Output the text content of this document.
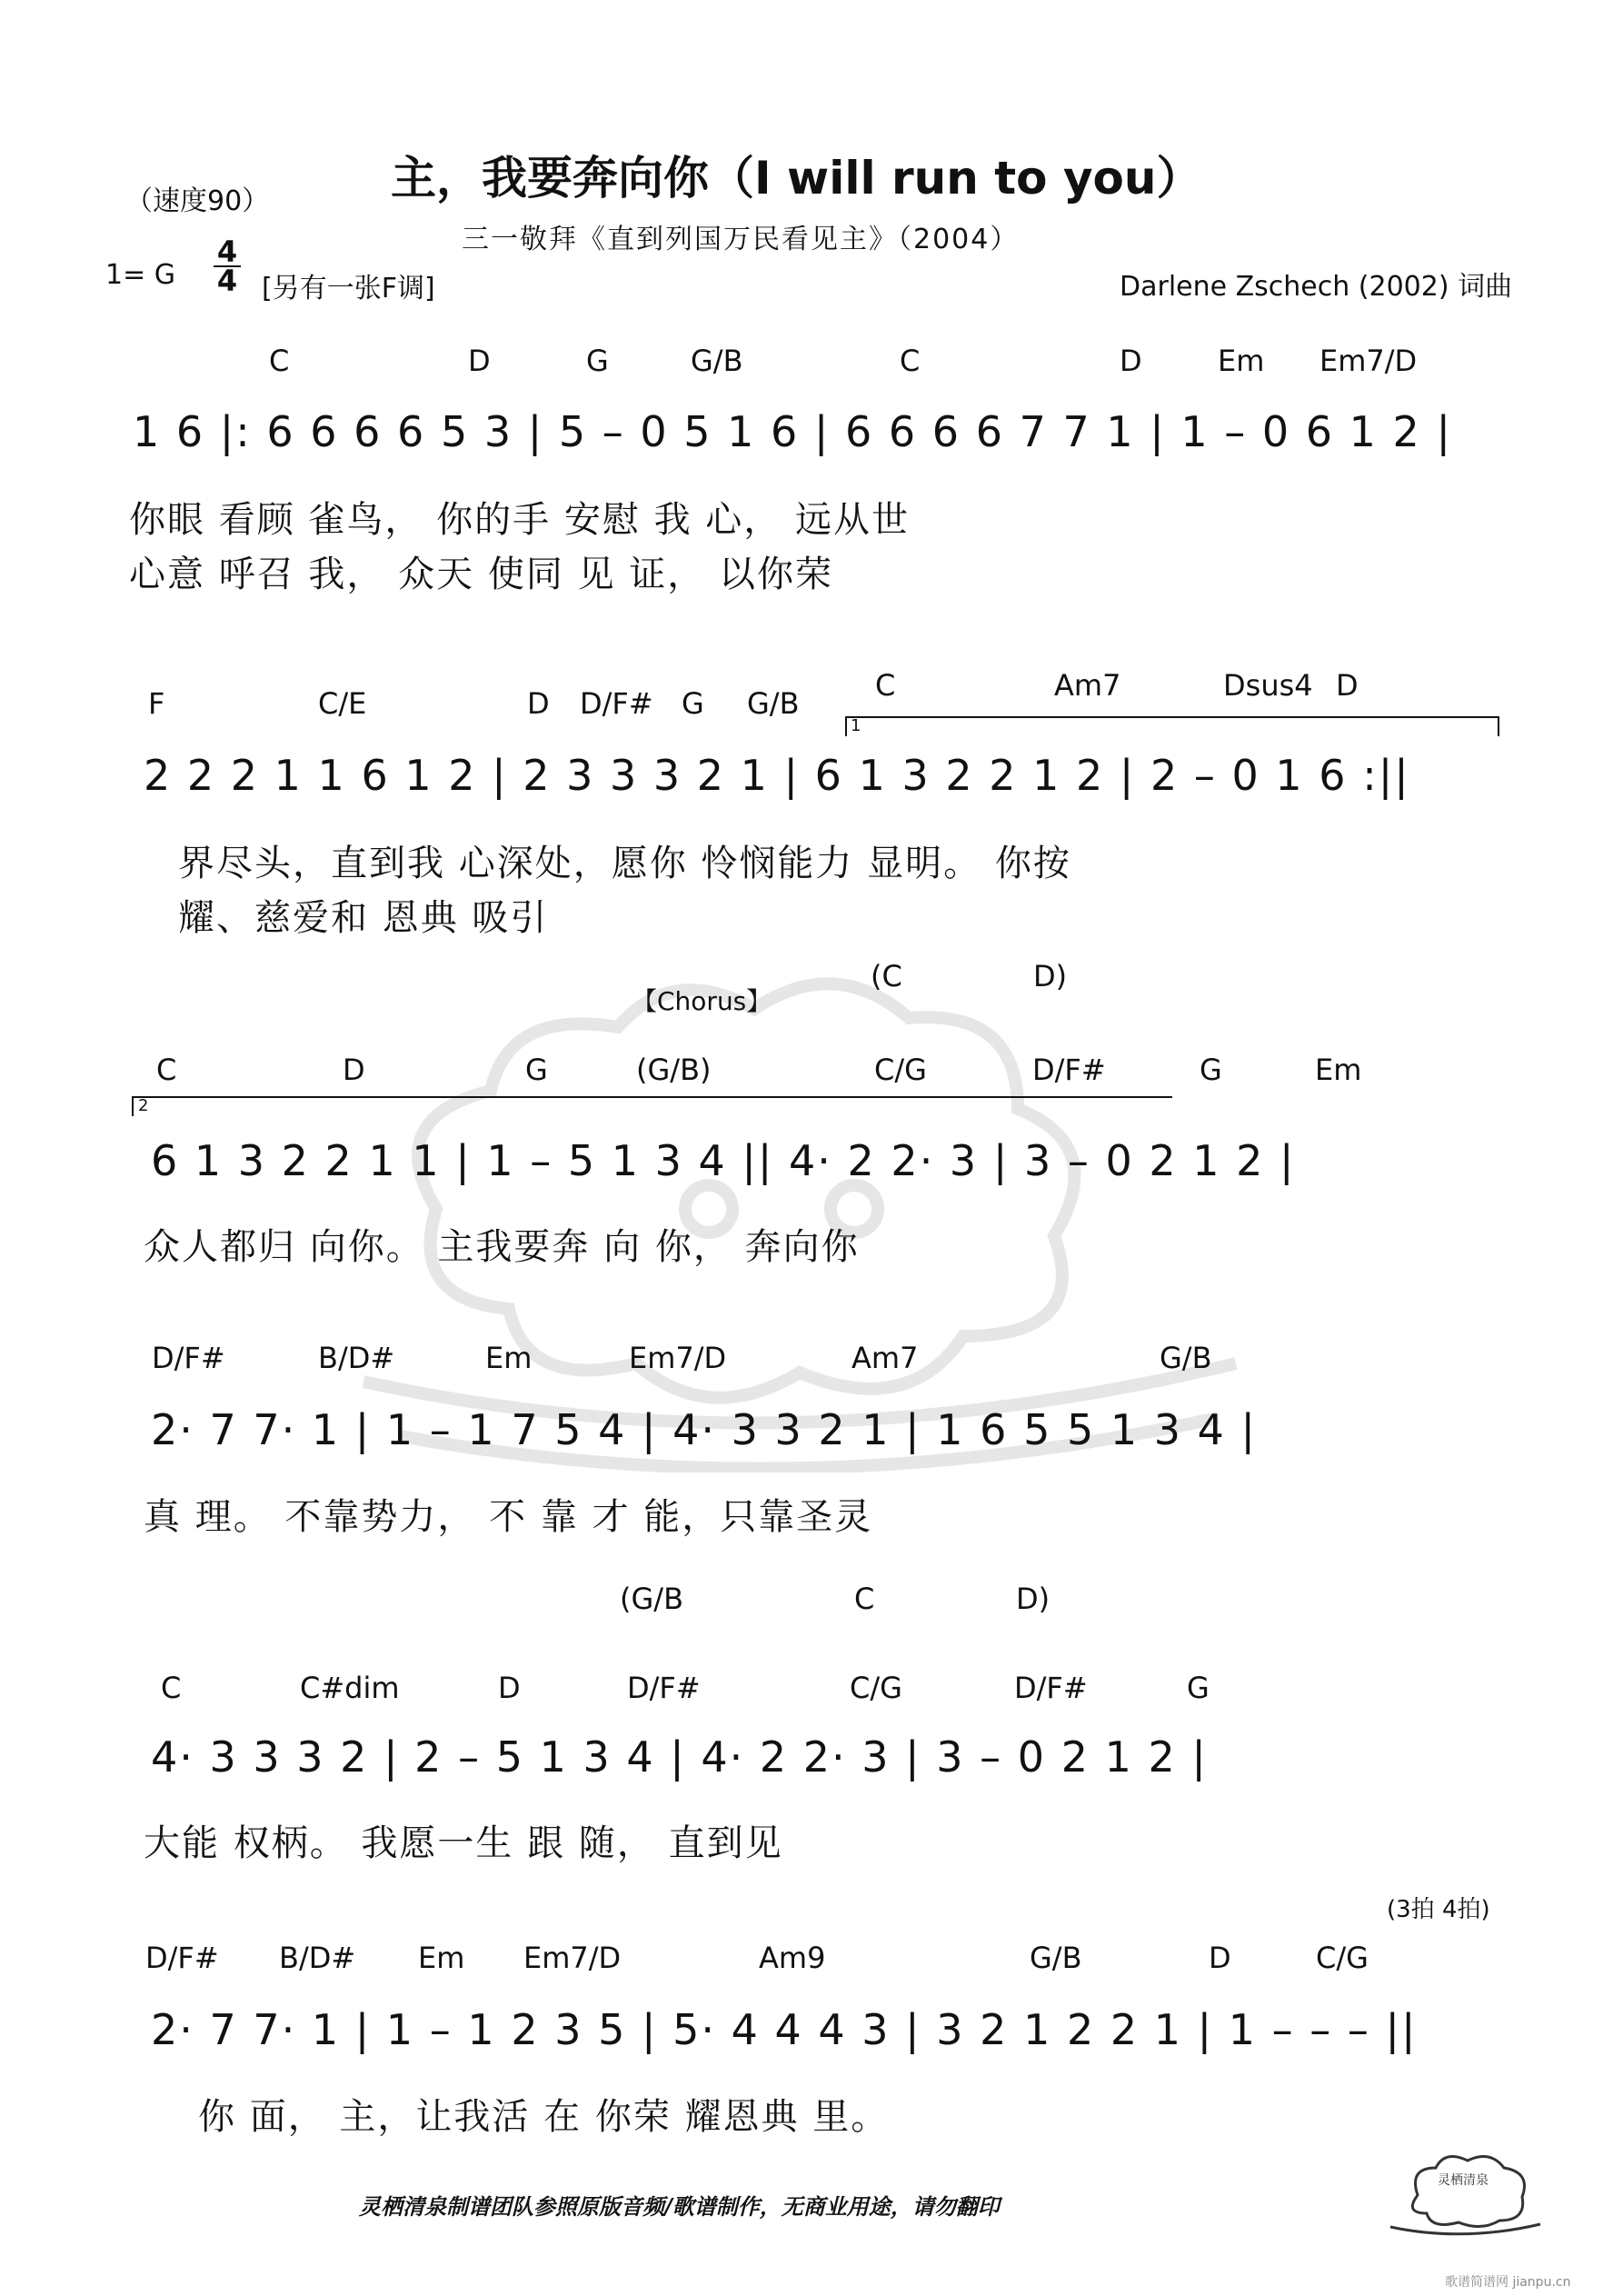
（速度90）	主，我要奔向你（I will run to you）
三一敬拜《直到列国万民看见主》（2004）
1= G
4
4 [另有一张F调]	Darlene Zschech (2002) 词曲
C	D	G	G/B	C	D	Em Em7/D
1 6 |: 6 6 6 6 5 3 | 5 – 0 5 1 6 | 6 6 6 6 7 7 1 | 1 – 0 6 1 2 |
你眼 看顾 雀鸟， 你的手 安慰 我 心， 远从世
心意 呼召 我， 众天 使同 见 证， 以你荣
F	C/E	D D/F# G G/B
C	Am7	Dsus4 D
1
2 2 2 1 1 6 1 2 | 2 3 3 3 2 1 | 6 1 3 2 2 1 2 | 2 – 0 1 6 :||
界尽头，直到我 心深处，愿你 怜悯能力 显明。 你按
耀、慈爱和 恩典 吸引
【Chorus】
(C	D)
C	D	G	(G/B)	C/G	D/F#	G	Em
2
6 1 3 2 2 1 1 | 1 – 5 1 3 4 || 4· 2 2· 3 | 3 – 0 2 1 2 |
众人都归 向你。 主我要奔 向 你， 奔向你
D/F#	B/D#	Em	Em7/D	Am7	G/B
2· 7 7· 1 | 1 – 1 7 5 4 | 4· 3 3 2 1 | 1 6 5 5 1 3 4 |
真 理。 不靠势力， 不 靠 才 能，只靠圣灵
(G/B	C	D)
C	C#dim	D	D/F#	C/G	D/F#	G
4· 3 3 3 2 | 2 – 5 1 3 4 | 4· 2 2· 3 | 3 – 0 2 1 2 |
大能 权柄。 我愿一生 跟 随， 直到见
(3拍 4拍)
D/F# B/D# Em Em7/D	Am9	G/B	D	C/G
2· 7 7· 1 | 1 – 1 2 3 5 | 5· 4 4 4 3 | 3 2 1 2 2 1 | 1 – – – ||
你 面， 主，让我活 在 你荣 耀恩典 里。
灵栖清泉
灵栖清泉制谱团队参照原版音频/歌谱制作，无商业用途，请勿翻印
歌谱简谱网 jianpu.cn
